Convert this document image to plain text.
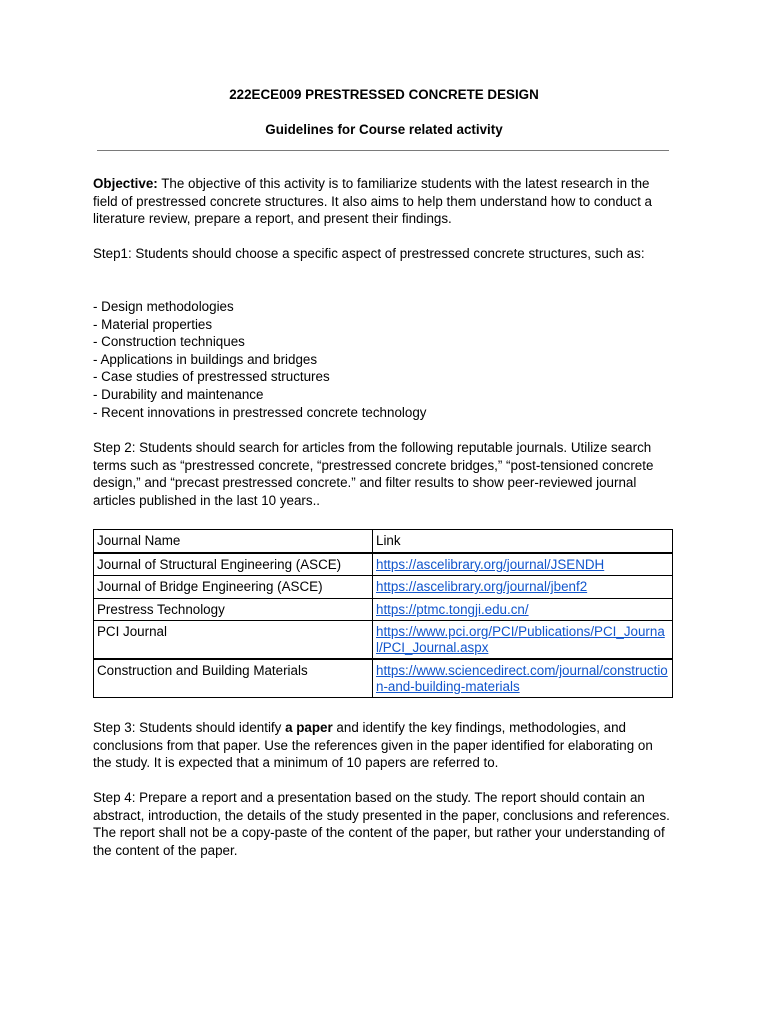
222ECE009 PRESTRESSED CONCRETE DESIGN
Guidelines for Course related activity

Objective: The objective of this activity is to familiarize students with the latest research in the field of prestressed concrete structures. It also aims to help them understand how to conduct a literature review, prepare a report, and present their findings.

Step1: Students should choose a specific aspect of prestressed concrete structures, such as:

- Design methodologies
- Material properties
- Construction techniques
- Applications in buildings and bridges
- Case studies of prestressed structures
- Durability and maintenance
- Recent innovations in prestressed concrete technology

Step 2: Students should search for articles from the following reputable journals. Utilize search terms such as “prestressed concrete, “prestressed concrete bridges,” “post-tensioned concrete design,” and “precast prestressed concrete.” and filter results to show peer-reviewed journal articles published in the last 10 years..

Journal Name	Link
Journal of Structural Engineering (ASCE)	https://ascelibrary.org/journal/JSENDH
Journal of Bridge Engineering (ASCE)	https://ascelibrary.org/journal/jbenf2
Prestress Technology	https://ptmc.tongji.edu.cn/
PCI Journal	https://www.pci.org/PCI/Publications/PCI_Journal/PCI_Journal.aspx
Construction and Building Materials	https://www.sciencedirect.com/journal/construction-and-building-materials

Step 3: Students should identify a paper and identify the key findings, methodologies, and conclusions from that paper. Use the references given in the paper identified for elaborating on the study. It is expected that a minimum of 10 papers are referred to.

Step 4: Prepare a report and a presentation based on the study. The report should contain an abstract, introduction, the details of the study presented in the paper, conclusions and references. The report shall not be a copy-paste of the content of the paper, but rather your understanding of the content of the paper.
